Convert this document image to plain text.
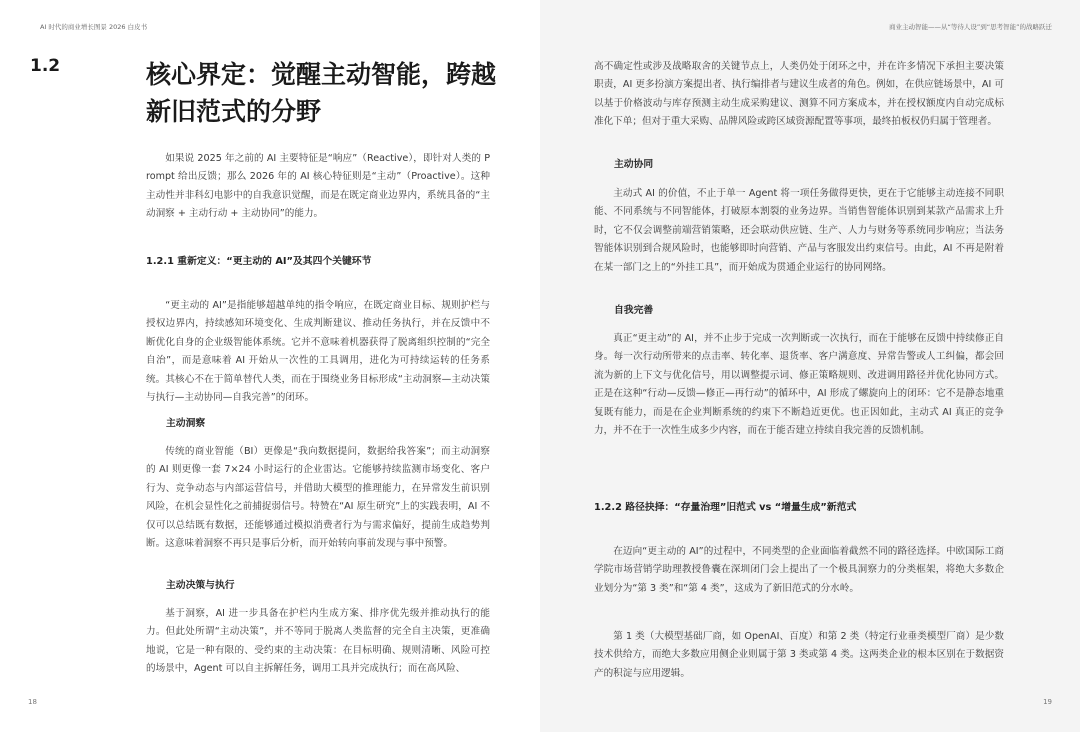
AI 时代的商业增长图景 2026 白皮书
1.2	核心界定：觉醒主动智能，跨越新旧范式的分野

如果说 2025 年之前的 AI 主要特征是“响应”（Reactive），即针对人类的 Prompt 给出反馈；那么 2026 年的 AI 核心特征则是“主动”（Proactive）。这种主动性并非科幻电影中的自我意识觉醒，而是在既定商业边界内，系统具备的“主动洞察 + 主动行动 + 主动协同”的能力。

1.2.1 重新定义：“更主动的 AI”及其四个关键环节

“更主动的 AI”是指能够超越单纯的指令响应，在既定商业目标、规则护栏与授权边界内，持续感知环境变化、生成判断建议、推动任务执行，并在反馈中不断优化自身的企业级智能体系统。它并不意味着机器获得了脱离组织控制的“完全自治”，而是意味着 AI 开始从一次性的工具调用，进化为可持续运转的任务系统。其核心不在于简单替代人类，而在于围绕业务目标形成“主动洞察—主动决策与执行—主动协同—自我完善”的闭环。

主动洞察

传统的商业智能（BI）更像是“我向数据提问，数据给我答案”；而主动洞察的 AI 则更像一套 7×24 小时运行的企业雷达。它能够持续监测市场变化、客户行为、竞争动态与内部运营信号，并借助大模型的推理能力，在异常发生前识别风险，在机会显性化之前捕捉弱信号。特赞在“AI 原生研究”上的实践表明，AI 不仅可以总结既有数据，还能够通过模拟消费者行为与需求偏好，提前生成趋势判断。这意味着洞察不再只是事后分析，而开始转向事前发现与事中预警。

主动决策与执行

基于洞察，AI 进一步具备在护栏内生成方案、排序优先级并推动执行的能力。但此处所谓“主动决策”，并不等同于脱离人类监督的完全自主决策，更准确地说，它是一种有限的、受约束的主动决策：在目标明确、规则清晰、风险可控的场景中，Agent 可以自主拆解任务，调用工具并完成执行；而在高风险、

18
商业主动智能——从“等待人设”到“思考智能”的战略跃迁

高不确定性或涉及战略取舍的关键节点上，人类仍处于闭环之中，并在许多情况下承担主要决策职责，AI 更多扮演方案提出者、执行编排者与建议生成者的角色。例如，在供应链场景中，AI 可以基于价格波动与库存预测主动生成采购建议、测算不同方案成本，并在授权额度内自动完成标准化下单；但对于重大采购、品牌风险或跨区域资源配置等事项，最终拍板权仍归属于管理者。

主动协同

主动式 AI 的价值，不止于单一 Agent 将一项任务做得更快，更在于它能够主动连接不同职能、不同系统与不同智能体，打破原本割裂的业务边界。当销售智能体识别到某款产品需求上升时，它不仅会调整前端营销策略，还会联动供应链、生产、人力与财务等系统同步响应；当法务智能体识别到合规风险时，也能够即时向营销、产品与客服发出约束信号。由此，AI 不再是附着在某一部门之上的“外挂工具”，而开始成为贯通企业运行的协同网络。

自我完善

真正“更主动”的 AI，并不止步于完成一次判断或一次执行，而在于能够在反馈中持续修正自身。每一次行动所带来的点击率、转化率、退货率、客户满意度、异常告警或人工纠偏，都会回流为新的上下文与优化信号，用以调整提示词、修正策略规则、改进调用路径并优化协同方式。正是在这种“行动—反馈—修正—再行动”的循环中，AI 形成了螺旋向上的闭环：它不是静态地重复既有能力，而是在企业判断系统的约束下不断趋近更优。也正因如此，主动式 AI 真正的竞争力，并不在于一次性生成多少内容，而在于能否建立持续自我完善的反馈机制。

1.2.2 路径抉择：“存量治理”旧范式 vs “增量生成”新范式

在迈向“更主动的 AI”的过程中，不同类型的企业面临着截然不同的路径选择。中欧国际工商学院市场营销学助理教授鲁囊在深圳闭门会上提出了一个极具洞察力的分类框架，将绝大多数企业划分为“第 3 类”和“第 4 类”，这成为了新旧范式的分水岭。

第 1 类（大模型基础厂商，如 OpenAI、百度）和第 2 类（特定行业垂类模型厂商）是少数技术供给方，而绝大多数应用侧企业则属于第 3 类或第 4 类。这两类企业的根本区别在于数据资产的积淀与应用逻辑。

19
